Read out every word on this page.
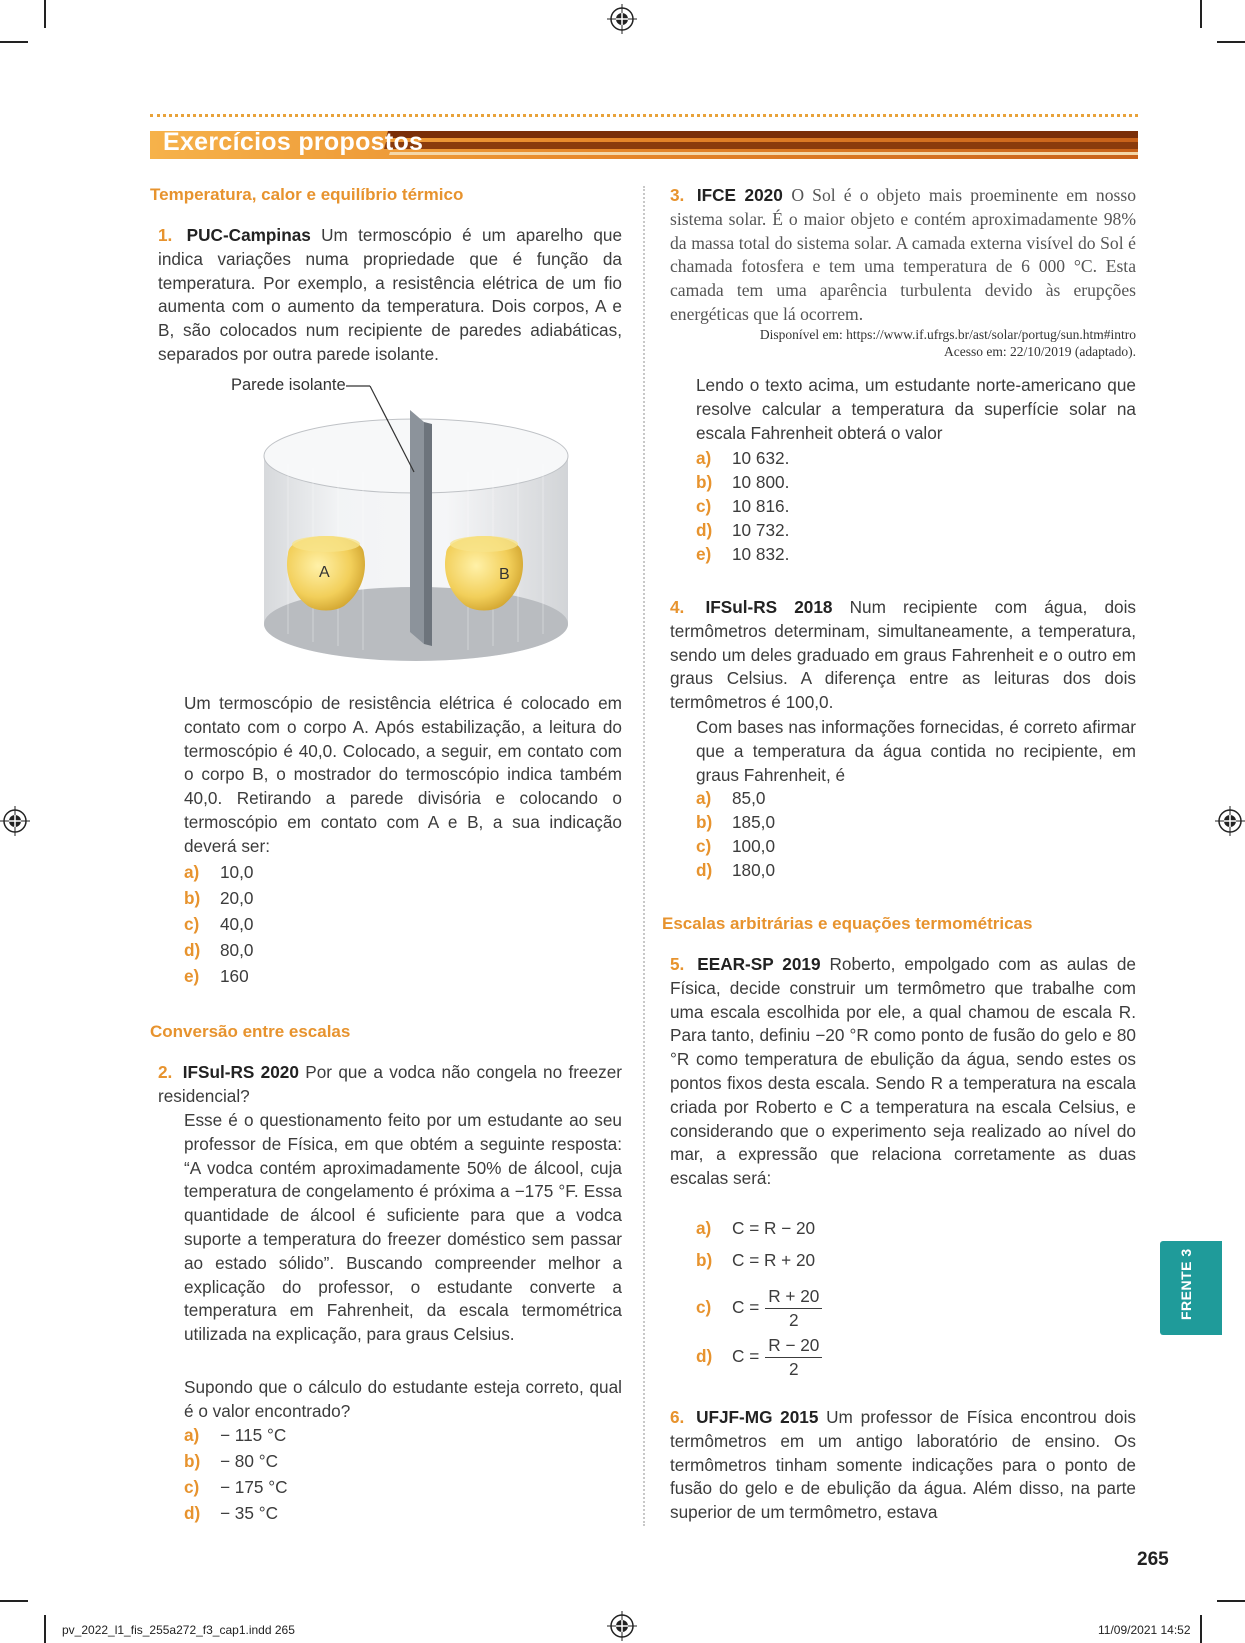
Exercícios propostos
Temperatura, calor e equilíbrio térmico
1. PUC-Campinas Um termoscópio é um aparelho que indica variações numa propriedade que é função da temperatura. Por exemplo, a resistência elétrica de um fio aumenta com o aumento da temperatura. Dois corpos, A e B, são colocados num recipiente de paredes adiabáticas, separados por outra parede isolante.
Parede isolante
A	B
Um termoscópio de resistência elétrica é colocado em contato com o corpo A. Após estabilização, a leitura do termoscópio é 40,0. Colocado, a seguir, em contato com o corpo B, o mostrador do termoscópio indica também 40,0. Retirando a parede divisória e colocando o termoscópio em contato com A e B, a sua indicação deverá ser:
a) 10,0
b) 20,0
c) 40,0
d) 80,0
e) 160
Conversão entre escalas
2. IFSul-RS 2020 Por que a vodca não congela no freezer residencial?
Esse é o questionamento feito por um estudante ao seu professor de Física, em que obtém a seguinte resposta: “A vodca contém aproximadamente 50% de álcool, cuja temperatura de congelamento é próxima a −175 °F. Essa quantidade de álcool é suficiente para que a vodca suporte a temperatura do freezer doméstico sem passar ao estado sólido”. Buscando compreender melhor a explicação do professor, o estudante converte a temperatura em Fahrenheit, da escala termométrica utilizada na explicação, para graus Celsius.
Supondo que o cálculo do estudante esteja correto, qual é o valor encontrado?
a) − 115 °C
b) − 80 °C
c) − 175 °C
d) − 35 °C
3. IFCE 2020 O Sol é o objeto mais proeminente em nosso sistema solar. É o maior objeto e contém aproximadamente 98% da massa total do sistema solar. A camada externa visível do Sol é chamada fotosfera e tem uma temperatura de 6 000 °C. Esta camada tem uma aparência turbulenta devido às erupções energéticas que lá ocorrem.
Disponível em: https://www.if.ufrgs.br/ast/solar/portug/sun.htm#intro
Acesso em: 22/10/2019 (adaptado).
Lendo o texto acima, um estudante norte-americano que resolve calcular a temperatura da superfície solar na escala Fahrenheit obterá o valor
a) 10 632.
b) 10 800.
c) 10 816.
d) 10 732.
e) 10 832.
4. IFSul-RS 2018 Num recipiente com água, dois termômetros determinam, simultaneamente, a temperatura, sendo um deles graduado em graus Fahrenheit e o outro em graus Celsius. A diferença entre as leituras dos dois termômetros é 100,0.
Com bases nas informações fornecidas, é correto afirmar que a temperatura da água contida no recipiente, em graus Fahrenheit, é
a) 85,0
b) 185,0
c) 100,0
d) 180,0
Escalas arbitrárias e equações termométricas
5. EEAR-SP 2019 Roberto, empolgado com as aulas de Física, decide construir um termômetro que trabalhe com uma escala escolhida por ele, a qual chamou de escala R. Para tanto, definiu −20 °R como ponto de fusão do gelo e 80 °R como temperatura de ebulição da água, sendo estes os pontos fixos desta escala. Sendo R a temperatura na escala criada por Roberto e C a temperatura na escala Celsius, e considerando que o experimento seja realizado ao nível do mar, a expressão que relaciona corretamente as duas escalas será:
a) C = R − 20
b) C = R + 20
c) $C = \frac{R + 20}{2}$
d) $C = \frac{R - 20}{2}$
6. UFJF-MG 2015 Um professor de Física encontrou dois termômetros em um antigo laboratório de ensino. Os termômetros tinham somente indicações para o ponto de fusão do gelo e de ebulição da água. Além disso, na parte superior de um termômetro, estava
FRENTE 3
265
pv_2022_l1_fis_255a272_f3_cap1.indd 265	11/09/2021 14:52
